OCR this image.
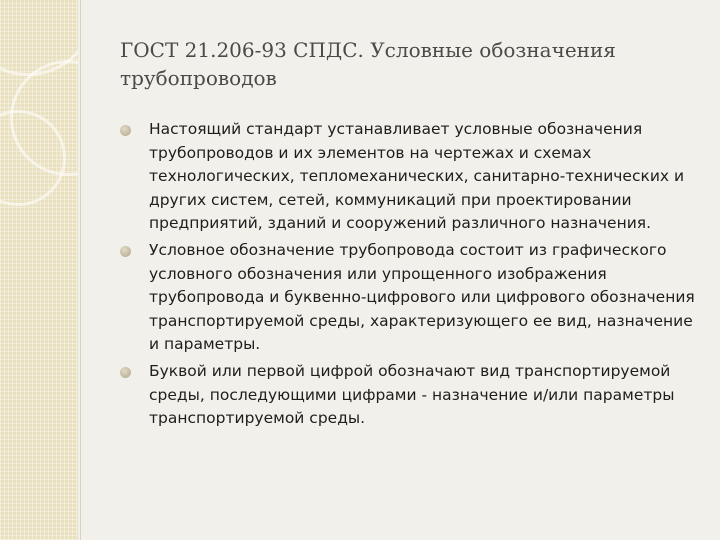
ГОСТ 21.206-93 СПДС. Условные обозначения трубопроводов
Настоящий стандарт устанавливает условные обозначения трубопроводов и их элементов на чертежах и схемах технологических, тепломеханических, санитарно-технических и других систем, сетей, коммуникаций при проектировании предприятий, зданий и сооружений различного назначения.
Условное обозначение трубопровода состоит из графического условного обозначения или упрощенного изображения трубопровода и буквенно-цифрового или цифрового обозначения транспортируемой среды, характеризующего ее вид, назначение и параметры.
Буквой или первой цифрой обозначают вид транспортируемой среды, последующими цифрами - назначение и/или параметры транспортируемой среды.
